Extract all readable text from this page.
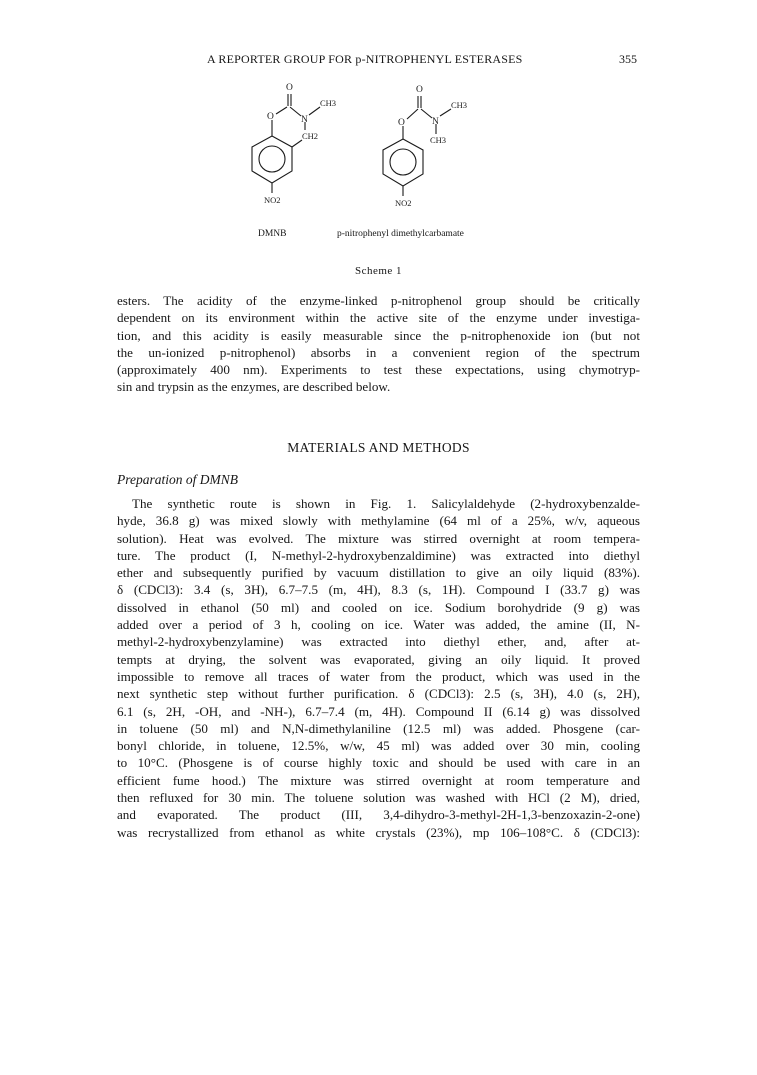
A REPORTER GROUP FOR p-NITROPHENYL ESTERASES	355
O
O	N
CH3
CH2
NO2
O
O	N
CH3
CH3
NO2
DMNB	p-nitrophenyl dimethylcarbamate
Scheme 1
esters. The acidity of the enzyme-linked p-nitrophenol group should be critically
dependent on its environment within the active site of the enzyme under investiga-
tion, and this acidity is easily measurable since the p-nitrophenoxide ion (but not
the un-ionized p-nitrophenol) absorbs in a convenient region of the spectrum
(approximately 400 nm). Experiments to test these expectations, using chymotryp-
sin and trypsin as the enzymes, are described below.
MATERIALS AND METHODS
Preparation of DMNB
The synthetic route is shown in Fig. 1. Salicylaldehyde (2-hydroxybenzalde-
hyde, 36.8 g) was mixed slowly with methylamine (64 ml of a 25%, w/v, aqueous
solution). Heat was evolved. The mixture was stirred overnight at room tempera-
ture. The product (I, N-methyl-2-hydroxybenzaldimine) was extracted into diethyl
ether and subsequently purified by vacuum distillation to give an oily liquid (83%).
δ (CDCl3): 3.4 (s, 3H), 6.7–7.5 (m, 4H), 8.3 (s, 1H). Compound I (33.7 g) was
dissolved in ethanol (50 ml) and cooled on ice. Sodium borohydride (9 g) was
added over a period of 3 h, cooling on ice. Water was added, the amine (II, N-
methyl-2-hydroxybenzylamine) was extracted into diethyl ether, and, after at-
tempts at drying, the solvent was evaporated, giving an oily liquid. It proved
impossible to remove all traces of water from the product, which was used in the
next synthetic step without further purification. δ (CDCl3): 2.5 (s, 3H), 4.0 (s, 2H),
6.1 (s, 2H, -OH, and -NH-), 6.7–7.4 (m, 4H). Compound II (6.14 g) was dissolved
in toluene (50 ml) and N,N-dimethylaniline (12.5 ml) was added. Phosgene (car-
bonyl chloride, in toluene, 12.5%, w/w, 45 ml) was added over 30 min, cooling
to 10°C. (Phosgene is of course highly toxic and should be used with care in an
efficient fume hood.) The mixture was stirred overnight at room temperature and
then refluxed for 30 min. The toluene solution was washed with HCl (2 M), dried,
and evaporated. The product (III, 3,4-dihydro-3-methyl-2H-1,3-benzoxazin-2-one)
was recrystallized from ethanol as white crystals (23%), mp 106–108°C. δ (CDCl3):
